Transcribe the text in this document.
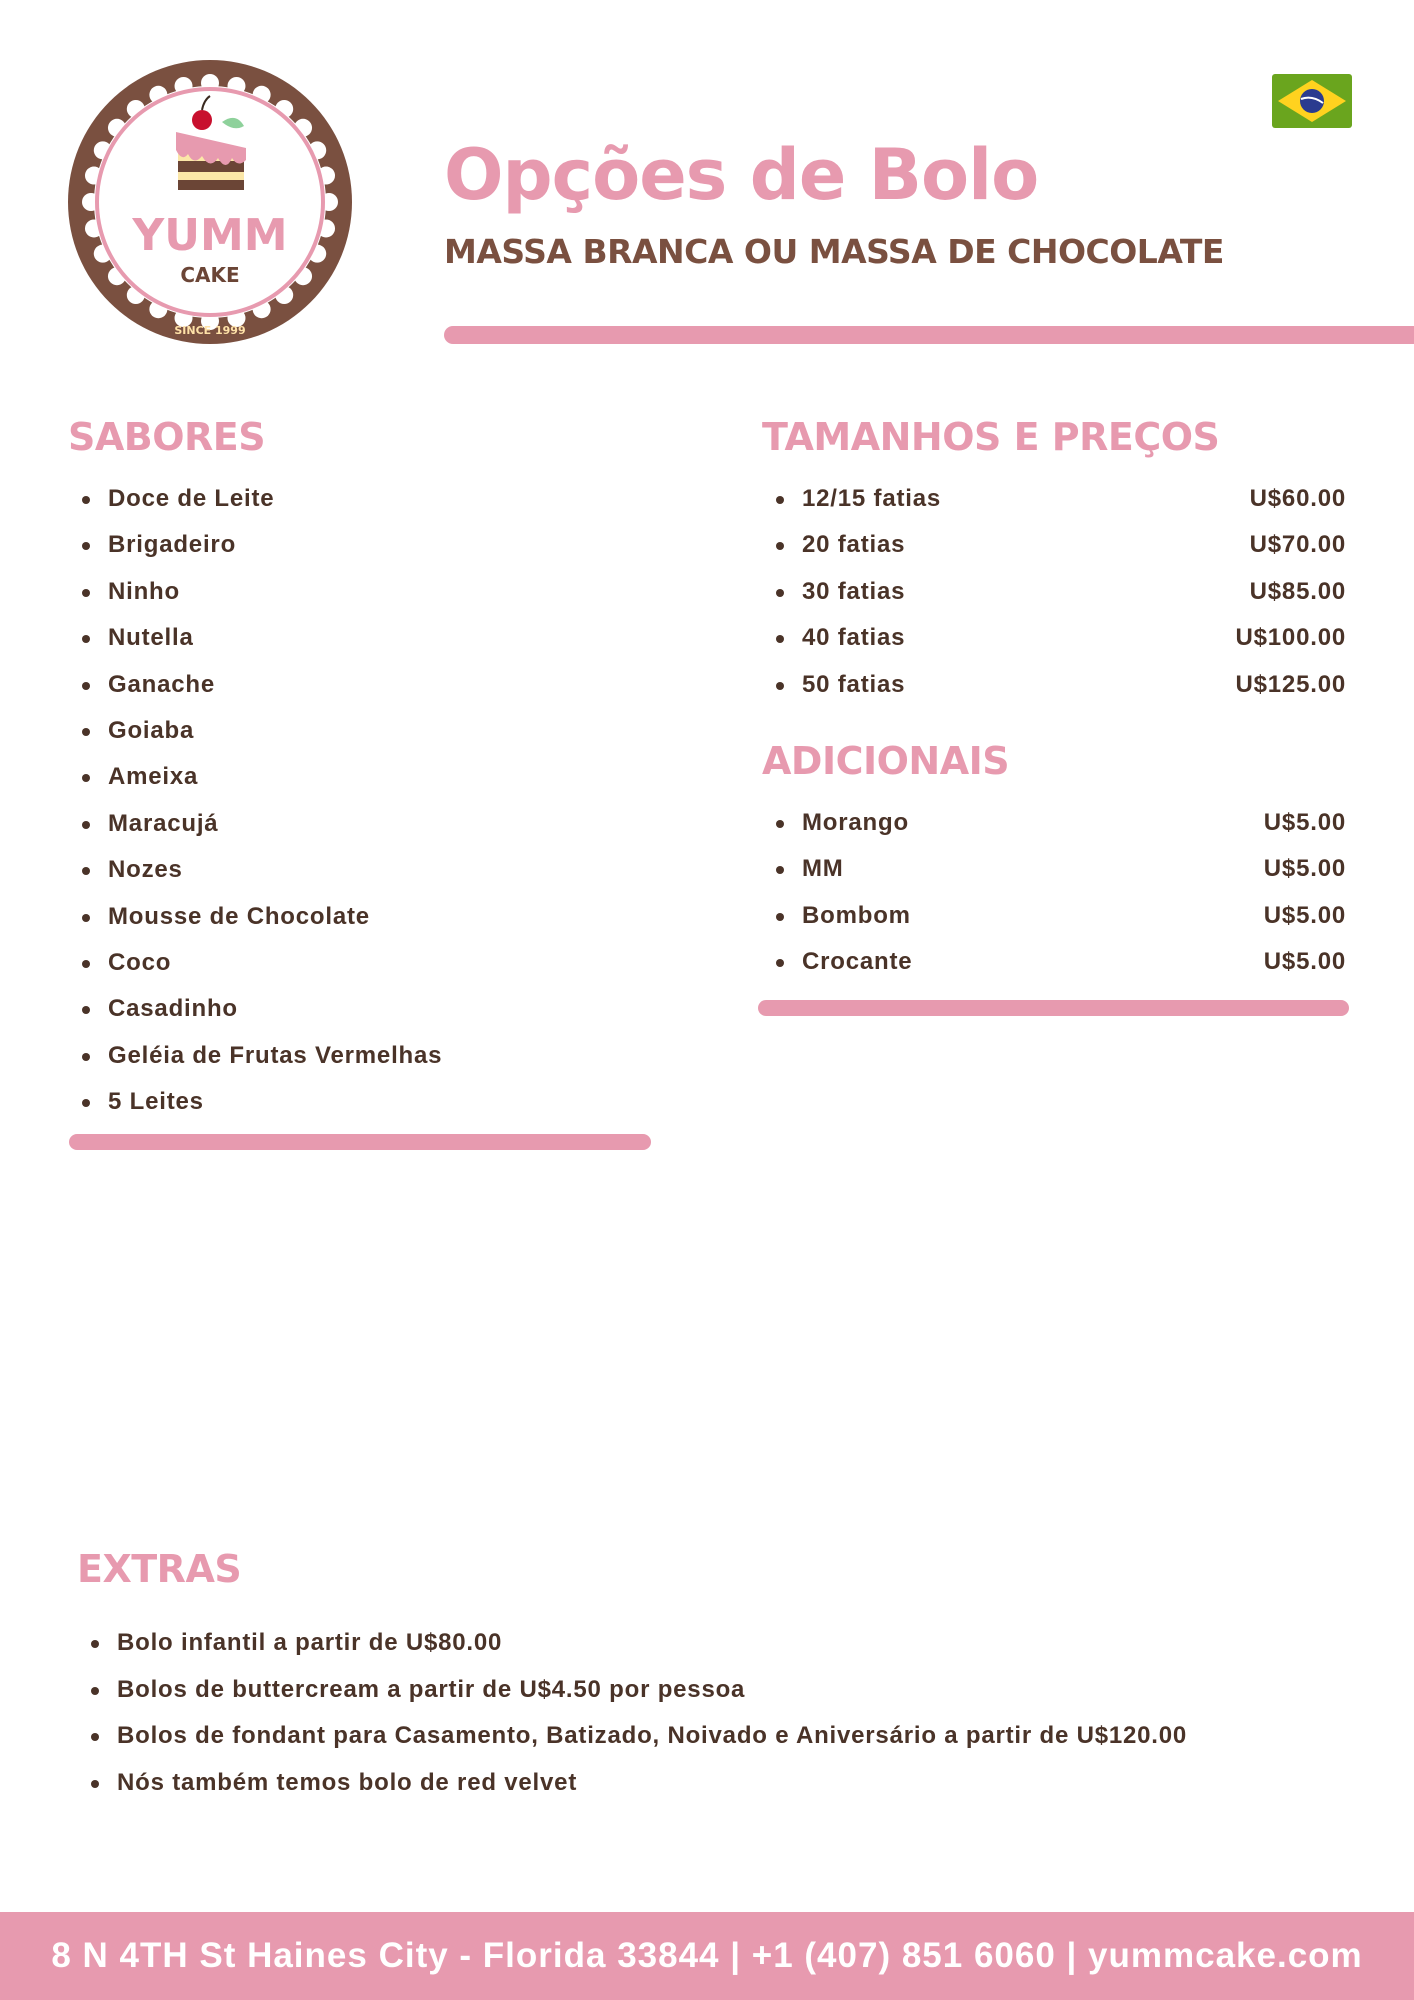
YUMM
CAKE
SINCE 1999
Opções de Bolo
MASSA BRANCA OU MASSA DE CHOCOLATE
SABORES
Doce de Leite
Brigadeiro
Ninho
Nutella
Ganache
Goiaba
Ameixa
Maracujá
Nozes
Mousse de Chocolate
Coco
Casadinho
Geléia de Frutas Vermelhas
5 Leites
TAMANHOS E PREÇOS
12/15 fatias	U$60.00
20 fatias	U$70.00
30 fatias	U$85.00
40 fatias	U$100.00
50 fatias	U$125.00
ADICIONAIS
Morango	U$5.00
MM	U$5.00
Bombom	U$5.00
Crocante	U$5.00
EXTRAS
Bolo infantil a partir de U$80.00
Bolos de buttercream a partir de U$4.50 por pessoa
Bolos de fondant para Casamento, Batizado, Noivado e Aniversário a partir de U$120.00
Nós também temos bolo de red velvet
8 N 4TH St Haines City - Florida 33844 | +1 (407) 851 6060 | yummcake.com
